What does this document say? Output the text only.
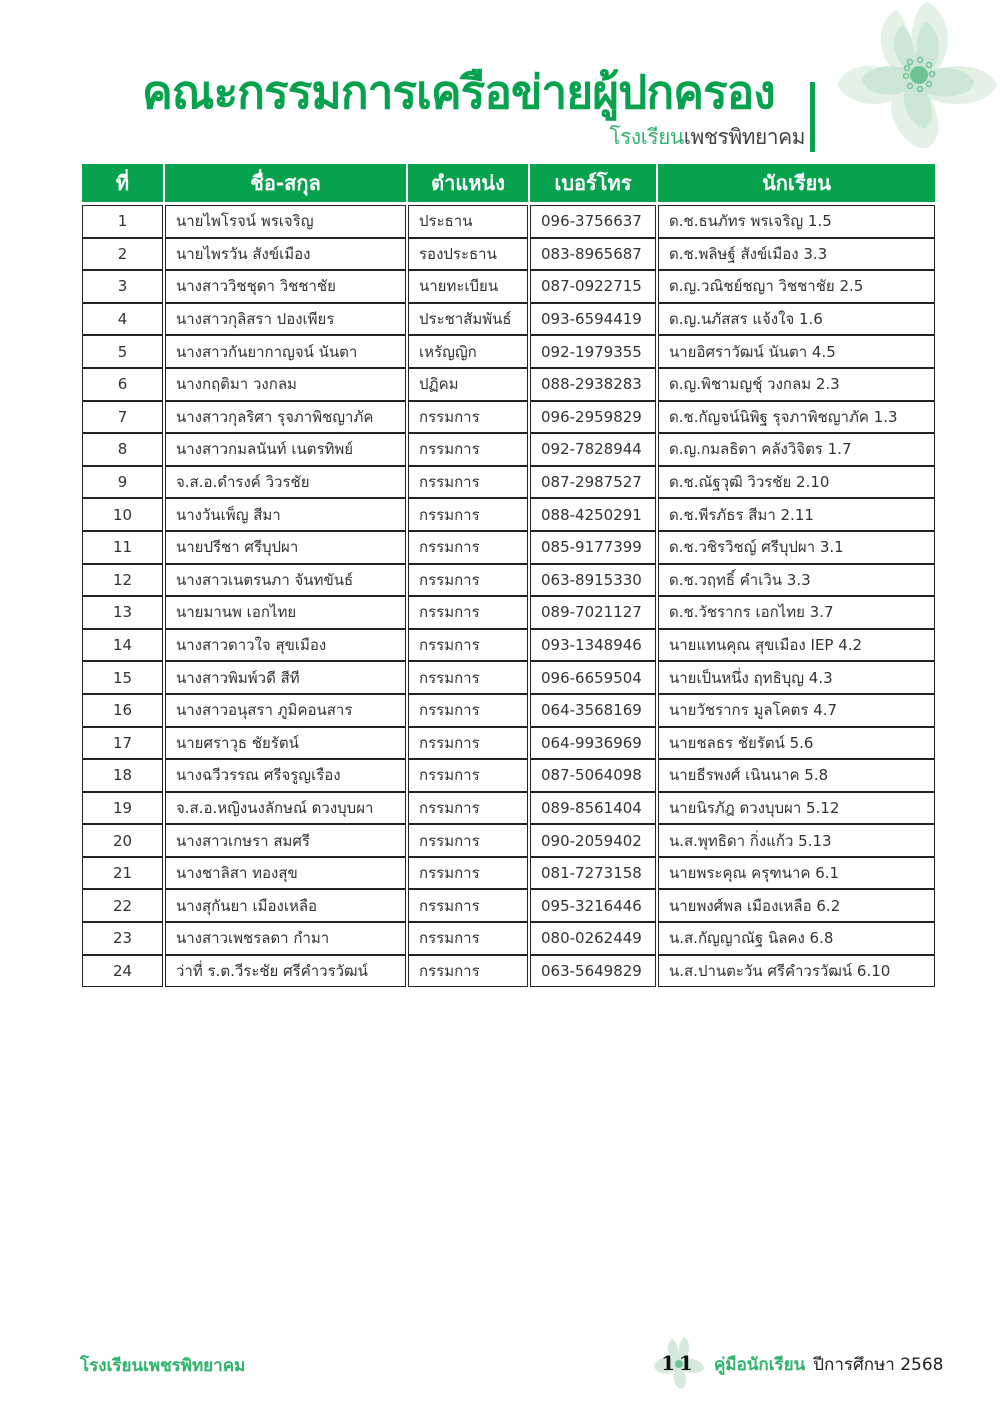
คณะกรรมการเครือข่ายผู้ปกครอง
โรงเรียนเพชรพิทยาคม
ที่	ชื่อ-สกุล	ตำแหน่ง	เบอร์โทร	นักเรียน
1	นายไพโรจน์ พรเจริญ	ประธาน	096-3756637	ด.ช.ธนภัทร พรเจริญ 1.5
2	นายไพรวัน สังข์เมือง	รองประธาน	083-8965687	ด.ช.พลิษฐ์ สังข์เมือง 3.3
3	นางสาววิชชุดา วิชชาชัย	นายทะเบียน	087-0922715	ด.ญ.วณิชย์ชญา วิชชาชัย 2.5
4	นางสาวกุลิสรา ปองเพียร	ประชาสัมพันธ์	093-6594419	ด.ญ.นภัสสร แจ้งใจ 1.6
5	นางสาวกันยากาญจน์ นันตา	เหรัญญิก	092-1979355	นายอิศราวัฒน์ นันตา 4.5
6	นางกฤติมา วงกลม	ปฏิคม	088-2938283	ด.ญ.พิชามญชุ์ วงกลม 2.3
7	นางสาวกุลริศา รุจภาพิชญาภัค	กรรมการ	096-2959829	ด.ช.กัญจน์นิพิฐ รุจภาพิชญาภัค 1.3
8	นางสาวกมลนันท์ เนตรทิพย์	กรรมการ	092-7828944	ด.ญ.กมลธิดา คลังวิจิตร 1.7
9	จ.ส.อ.ดำรงค์ วิวรชัย	กรรมการ	087-2987527	ด.ช.ณัฐวุฒิ วิวรชัย 2.10
10	นางวันเพ็ญ สีมา	กรรมการ	088-4250291	ด.ช.พีรภัธร สีมา 2.11
11	นายปรีชา ศรีบุปผา	กรรมการ	085-9177399	ด.ช.วชิรวิชญ์ ศรีบุปผา 3.1
12	นางสาวเนตรนภา จันทขันธ์	กรรมการ	063-8915330	ด.ช.วฤทธิ์ คำเวิน 3.3
13	นายมานพ เอกไทย	กรรมการ	089-7021127	ด.ช.วัชรากร เอกไทย 3.7
14	นางสาวดาวใจ สุขเมือง	กรรมการ	093-1348946	นายแทนคุณ สุขเมือง IEP 4.2
15	นางสาวพิมพ์วดี สีที	กรรมการ	096-6659504	นายเป็นหนึ่ง ฤทธิบุญ 4.3
16	นางสาวอนุสรา ภูมิคอนสาร	กรรมการ	064-3568169	นายวัชรากร มูลโคตร 4.7
17	นายศราวุธ ชัยรัตน์	กรรมการ	064-9936969	นายชลธร ชัยรัตน์ 5.6
18	นางฉวีวรรณ ศรีจรูญเรือง	กรรมการ	087-5064098	นายธีรพงศ์ เนินนาค 5.8
19	จ.ส.อ.หญิงนงลักษณ์ ดวงบุบผา	กรรมการ	089-8561404	นายนิรภัฎ ดวงบุบผา 5.12
20	นางสาวเกษรา สมศรี	กรรมการ	090-2059402	น.ส.พุทธิดา กิ่งแก้ว 5.13
21	นางชาลิสา ทองสุข	กรรมการ	081-7273158	นายพระคุณ ครุฑนาค 6.1
22	นางสุกันยา เมืองเหลือ	กรรมการ	095-3216446	นายพงศ์พล เมืองเหลือ 6.2
23	นางสาวเพชรลดา กำมา	กรรมการ	080-0262449	น.ส.กัญญาณัฐ นิลคง 6.8
24	ว่าที่ ร.ต.วีระชัย ศรีคำวรวัฒน์	กรรมการ	063-5649829	น.ส.ปานตะวัน ศรีคำวรวัฒน์ 6.10
โรงเรียนเพชรพิทยาคม	11	คู่มือนักเรียน ปีการศึกษา 2568
